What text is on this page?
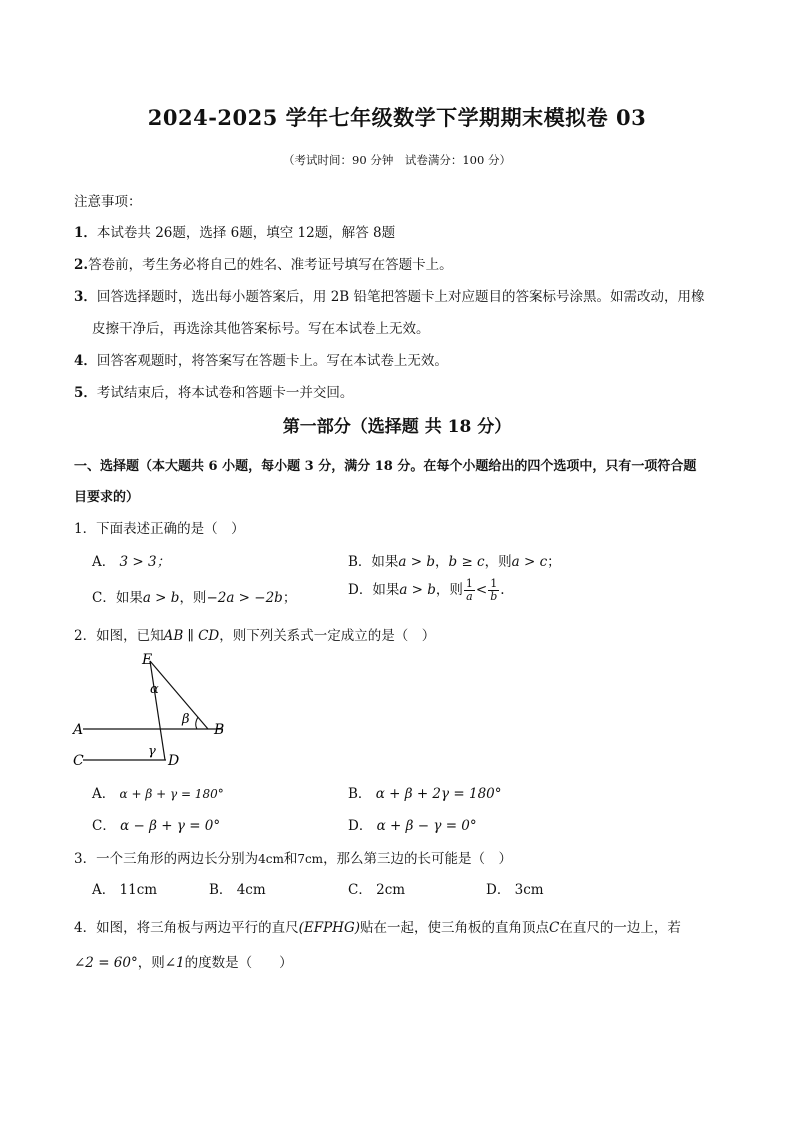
2024-2025 学年七年级数学下学期期末模拟卷 03
（考试时间：90 分钟　试卷满分：100 分）
注意事项：
1．本试卷共 26题，选择 6题，填空 12题，解答 8题
2.答卷前，考生务必将自己的姓名、准考证号填写在答题卡上。
3．回答选择题时，选出每小题答案后，用 2B 铅笔把答题卡上对应题目的答案标号涂黑。如需改动，用橡
皮擦干净后，再选涂其他答案标号。写在本试卷上无效。
4．回答客观题时，将答案写在答题卡上。写在本试卷上无效。
5．考试结束后，将本试卷和答题卡一并交回。
第一部分（选择题 共 18 分）
一、选择题（本大题共 6 小题，每小题 3 分，满分 18 分。在每个小题给出的四个选项中，只有一项符合题
目要求的）
1．下面表述正确的是（　）
A． 3 > 3；	B．如果a > b，b ≥ c，则a > c；
C．如果a > b，则−2a > −2b；	D．如果a > b，则 $\frac{1}{a} < \frac{1}{b}$ .
2．如图，已知AB ∥ CD，则下列关系式一定成立的是（　）
E
A	B
C	D
α
β
γ
A． α + β + γ = 180°	B． α + β + 2γ = 180°
C． α − β + γ = 0°	D． α + β − γ = 0°
3．一个三角形的两边长分别为4cm和7cm，那么第三边的长可能是（　）
A． 11cm	B． 4cm	C． 2cm	D． 3cm
4．如图，将三角板与两边平行的直尺(EFPHG)贴在一起，使三角板的直角顶点C在直尺的一边上，若
∠2 = 60°，则∠1的度数是（　　）
